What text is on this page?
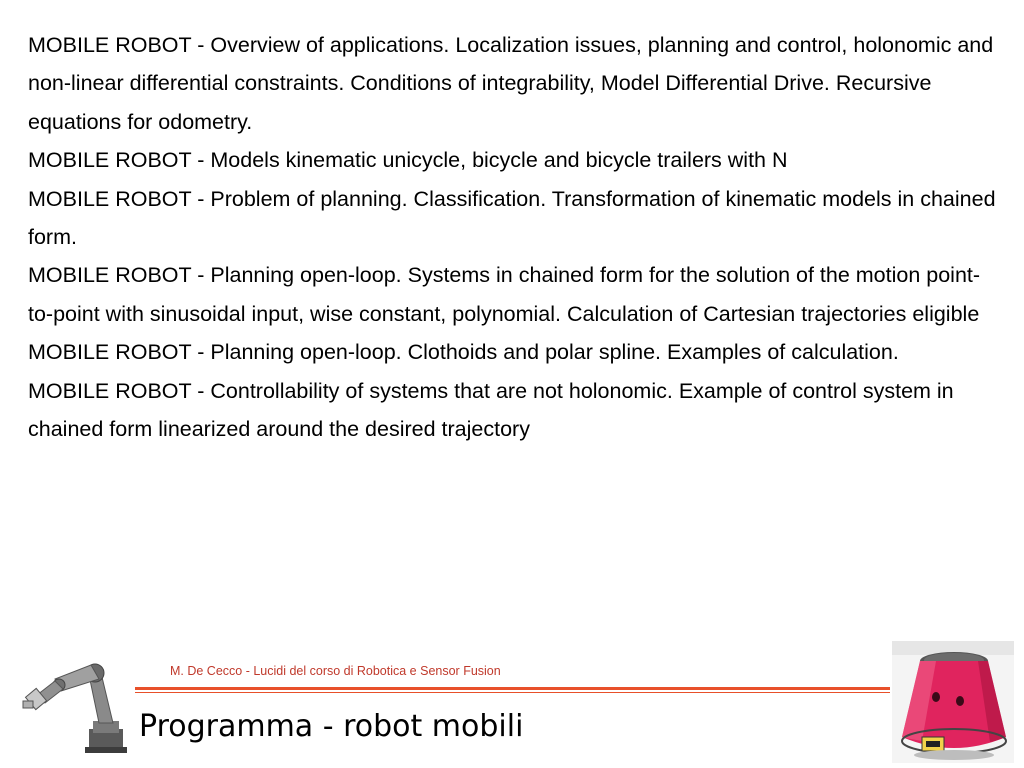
MOBILE ROBOT - Overview of applications. Localization issues, planning and control, holonomic and non-linear differential constraints. Conditions of integrability, Model Differential Drive. Recursive equations for odometry.

MOBILE ROBOT - Models kinematic unicycle, bicycle and bicycle trailers with N

MOBILE ROBOT - Problem of planning. Classification. Transformation of kinematic models in chained form.

MOBILE ROBOT - Planning open-loop. Systems in chained form for the solution of the motion point-to-point with sinusoidal input, wise constant, polynomial. Calculation of Cartesian trajectories eligible

MOBILE ROBOT - Planning open-loop. Clothoids and polar spline. Examples of calculation.

MOBILE ROBOT - Controllability of systems that are not holonomic. Example of control system in chained form linearized around the desired trajectory

M. De Cecco - Lucidi del corso di Robotica e Sensor Fusion
Programma - robot mobili
